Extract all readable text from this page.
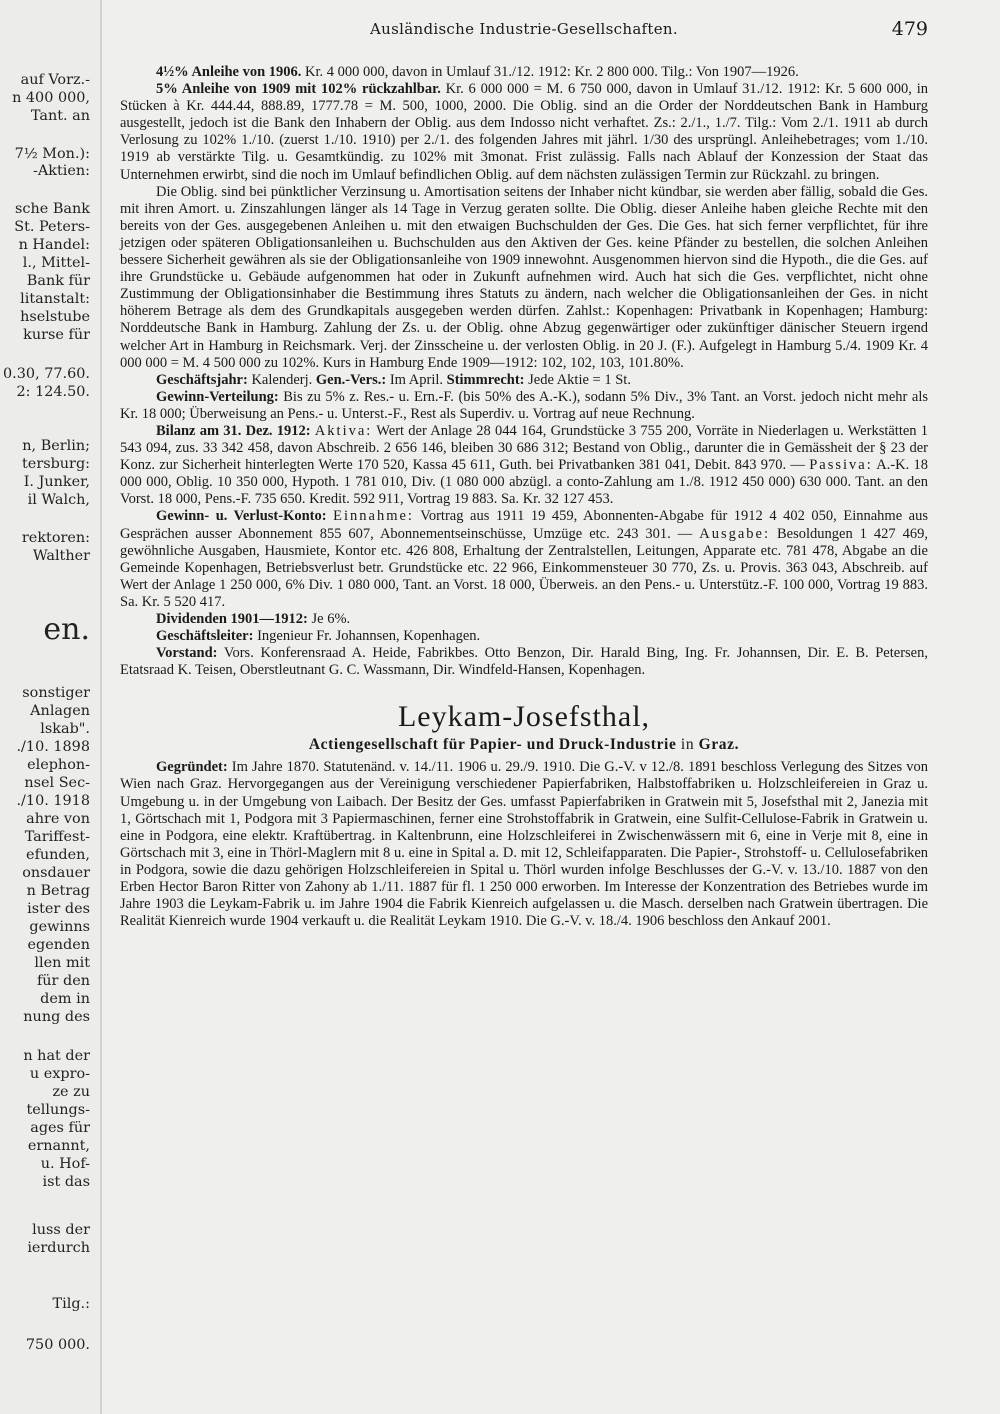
auf Vorz.-
n 400 000,
Tant. an
7½ Mon.):
-Aktien:
sche Bank
St. Peters-
n Handel:
l., Mittel-
Bank für
litanstalt:
hselstube
kurse für
0.30, 77.60.
2: 124.50.
n, Berlin;
tersburg:
I. Junker,
il Walch,
rektoren:
Walther
en.
sonstiger
Anlagen
lskab".
./10. 1898
elephon-
nsel Sec-
./10. 1918
ahre von
Tariffest-
efunden,
onsdauer
n Betrag
ister des
gewinns
egenden
llen mit
für den
dem in
nung des
n hat der
u expro-
ze zu
tellungs-
ages für
ernannt,
u. Hof-
ist das
luss der
ierdurch
Tilg.:
750 000.
Ausländische Industrie-Gesellschaften.	479

4½% Anleihe von 1906. Kr. 4 000 000, davon in Umlauf 31./12. 1912: Kr. 2 800 000. Tilg.: Von 1907—1926.

5% Anleihe von 1909 mit 102% rückzahlbar. Kr. 6 000 000 = M. 6 750 000, davon in Umlauf 31./12. 1912: Kr. 5 600 000, in Stücken à Kr. 444.44, 888.89, 1777.78 = M. 500, 1000, 2000. Die Oblig. sind an die Order der Norddeutschen Bank in Hamburg ausgestellt, jedoch ist die Bank den Inhabern der Oblig. aus dem Indosso nicht verhaftet. Zs.: 2./1., 1./7. Tilg.: Vom 2./1. 1911 ab durch Verlosung zu 102% 1./10. (zuerst 1./10. 1910) per 2./1. des folgenden Jahres mit jährl. 1/30 des ursprüngl. Anleihebetrages; vom 1./10. 1919 ab verstärkte Tilg. u. Gesamtkündig. zu 102% mit 3monat. Frist zulässig. Falls nach Ablauf der Konzession der Staat das Unternehmen erwirbt, sind die noch im Umlauf befindlichen Oblig. auf dem nächsten zulässigen Termin zur Rückzahl. zu bringen.

Die Oblig. sind bei pünktlicher Verzinsung u. Amortisation seitens der Inhaber nicht kündbar, sie werden aber fällig, sobald die Ges. mit ihren Amort. u. Zinszahlungen länger als 14 Tage in Verzug geraten sollte. Die Oblig. dieser Anleihe haben gleiche Rechte mit den bereits von der Ges. ausgegebenen Anleihen u. mit den etwaigen Buchschulden der Ges. Die Ges. hat sich ferner verpflichtet, für ihre jetzigen oder späteren Obligationsanleihen u. Buchschulden aus den Aktiven der Ges. keine Pfänder zu bestellen, die solchen Anleihen bessere Sicherheit gewähren als sie der Obligationsanleihe von 1909 innewohnt. Ausgenommen hiervon sind die Hypoth., die die Ges. auf ihre Grundstücke u. Gebäude aufgenommen hat oder in Zukunft aufnehmen wird. Auch hat sich die Ges. verpflichtet, nicht ohne Zustimmung der Obligationsinhaber die Bestimmung ihres Statuts zu ändern, nach welcher die Obligationsanleihen der Ges. in nicht höherem Betrage als dem des Grundkapitals ausgegeben werden dürfen. Zahlst.: Kopenhagen: Privatbank in Kopenhagen; Hamburg: Norddeutsche Bank in Hamburg. Zahlung der Zs. u. der Oblig. ohne Abzug gegenwärtiger oder zukünftiger dänischer Steuern irgend welcher Art in Hamburg in Reichsmark. Verj. der Zinsscheine u. der verlosten Oblig. in 20 J. (F.). Aufgelegt in Hamburg 5./4. 1909 Kr. 4 000 000 = M. 4 500 000 zu 102%. Kurs in Hamburg Ende 1909—1912: 102, 102, 103, 101.80%.

Geschäftsjahr: Kalenderj. Gen.-Vers.: Im April. Stimmrecht: Jede Aktie = 1 St.

Gewinn-Verteilung: Bis zu 5% z. Res.- u. Ern.-F. (bis 50% des A.-K.), sodann 5% Div., 3% Tant. an Vorst. jedoch nicht mehr als Kr. 18 000; Überweisung an Pens.- u. Unterst.-F., Rest als Superdiv. u. Vortrag auf neue Rechnung.

Bilanz am 31. Dez. 1912: Aktiva: Wert der Anlage 28 044 164, Grundstücke 3 755 200, Vorräte in Niederlagen u. Werkstätten 1 543 094, zus. 33 342 458, davon Abschreib. 2 656 146, bleiben 30 686 312; Bestand von Oblig., darunter die in Gemässheit der § 23 der Konz. zur Sicherheit hinterlegten Werte 170 520, Kassa 45 611, Guth. bei Privatbanken 381 041, Debit. 843 970. — Passiva: A.-K. 18 000 000, Oblig. 10 350 000, Hypoth. 1 781 010, Div. (1 080 000 abzügl. a conto-Zahlung am 1./8. 1912 450 000) 630 000. Tant. an den Vorst. 18 000, Pens.-F. 735 650. Kredit. 592 911, Vortrag 19 883. Sa. Kr. 32 127 453.

Gewinn- u. Verlust-Konto: Einnahme: Vortrag aus 1911 19 459, Abonnenten-Abgabe für 1912 4 402 050, Einnahme aus Gesprächen ausser Abonnement 855 607, Abonnementseinschüsse, Umzüge etc. 243 301. — Ausgabe: Besoldungen 1 427 469, gewöhnliche Ausgaben, Hausmiete, Kontor etc. 426 808, Erhaltung der Zentralstellen, Leitungen, Apparate etc. 781 478, Abgabe an die Gemeinde Kopenhagen, Betriebsverlust betr. Grundstücke etc. 22 966, Einkommensteuer 30 770, Zs. u. Provis. 363 043, Abschreib. auf Wert der Anlage 1 250 000, 6% Div. 1 080 000, Tant. an Vorst. 18 000, Überweis. an den Pens.- u. Unterstütz.-F. 100 000, Vortrag 19 883. Sa. Kr. 5 520 417.

Dividenden 1901—1912: Je 6%.

Geschäftsleiter: Ingenieur Fr. Johannsen, Kopenhagen.

Vorstand: Vors. Konferensraad A. Heide, Fabrikbes. Otto Benzon, Dir. Harald Bing, Ing. Fr. Johannsen, Dir. E. B. Petersen, Etatsraad K. Teisen, Oberstleutnant G. C. Wassmann, Dir. Windfeld-Hansen, Kopenhagen.

Leykam-Josefsthal,
Actiengesellschaft für Papier- und Druck-Industrie in Graz.

Gegründet: Im Jahre 1870. Statutenänd. v. 14./11. 1906 u. 29./9. 1910. Die G.-V. v 12./8. 1891 beschloss Verlegung des Sitzes von Wien nach Graz. Hervorgegangen aus der Vereinigung verschiedener Papierfabriken, Halbstoffabriken u. Holzschleifereien in Graz u. Umgebung u. in der Umgebung von Laibach. Der Besitz der Ges. umfasst Papierfabriken in Gratwein mit 5, Josefsthal mit 2, Janezia mit 1, Görtschach mit 1, Podgora mit 3 Papiermaschinen, ferner eine Strohstoffabrik in Gratwein, eine Sulfit-Cellulose-Fabrik in Gratwein u. eine in Podgora, eine elektr. Kraftübertrag. in Kaltenbrunn, eine Holzschleiferei in Zwischenwässern mit 6, eine in Verje mit 8, eine in Görtschach mit 3, eine in Thörl-Maglern mit 8 u. eine in Spital a. D. mit 12, Schleifapparaten. Die Papier-, Strohstoff- u. Cellulosefabriken in Podgora, sowie die dazu gehörigen Holzschleifereien in Spital u. Thörl wurden infolge Beschlusses der G.-V. v. 13./10. 1887 von den Erben Hector Baron Ritter von Zahony ab 1./11. 1887 für fl. 1 250 000 erworben. Im Interesse der Konzentration des Betriebes wurde im Jahre 1903 die Leykam-Fabrik u. im Jahre 1904 die Fabrik Kienreich aufgelassen u. die Masch. derselben nach Gratwein übertragen. Die Realität Kienreich wurde 1904 verkauft u. die Realität Leykam 1910. Die G.-V. v. 18./4. 1906 beschloss den Ankauf 2001.
